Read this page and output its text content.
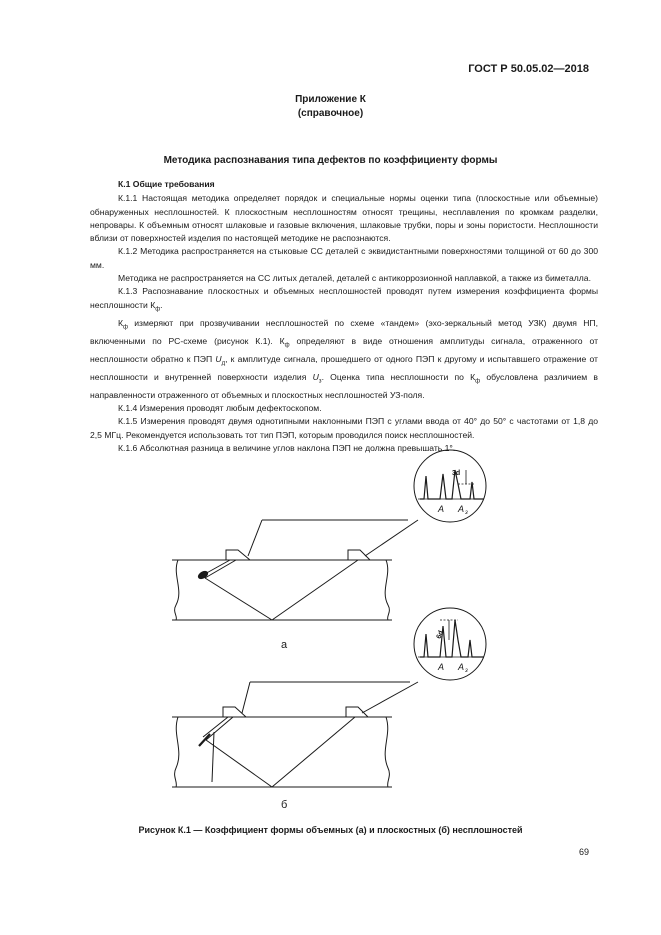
ГОСТ Р 50.05.02—2018
Приложение К
(справочное)
Методика распознавания типа дефектов по коэффициенту формы

К.1 Общие требования

К.1.1 Настоящая методика определяет порядок и специальные нормы оценки типа (плоскостные или объемные) обнаруженных несплошностей. К плоскостным несплошностям относят трещины, несплавления по кромкам разделки, непровары. К объемным относят шлаковые и газовые включения, шлаковые трубки, поры и зоны пористости. Несплошности вблизи от поверхностей изделия по настоящей методике не распознаются.

К.1.2 Методика распространяется на стыковые СС деталей с эквидистантными поверхностями толщиной от 60 до 300 мм.

Методика не распространяется на СС литых деталей, деталей с антикоррозионной наплавкой, а также из биметалла.

К.1.3 Распознавание плоскостных и объемных несплошностей проводят путем измерения коэффициента формы несплошности $К_ф$.

$К_ф$ измеряют при прозвучивании несплошностей по схеме «тандем» (эхо-зеркальный метод УЗК) двумя НП, включенными по РС-схеме (рисунок К.1). $К_ф$ определяют в виде отношения амплитуды сигнала, отраженного от несплошности обратно к ПЭП $U_д$, к амплитуде сигнала, прошедшего от одного ПЭП к другому и испытавшего отражение от несплошности и внутренней поверхности изделия $U_з$. Оценка типа несплошности по $К_ф$ обусловлена различием в направленности отраженного от объемных и плоскостных несплошностей УЗ-поля.

К.1.4 Измерения проводят любым дефектоскопом.

К.1.5 Измерения проводят двумя однотипными наклонными ПЭП с углами ввода от 40° до 50° с частотами от 1,8 до 2,5 МГц. Рекомендуется использовать тот тип ПЭП, которым проводился поиск несплошностей.

К.1.6 Абсолютная разница в величине углов наклона ПЭП не должна превышать 1°.

A A з
3d
A A з
6d
а
б
Рисунок К.1 — Коэффициент формы объемных (а) и плоскостных (б) несплошностей
69
